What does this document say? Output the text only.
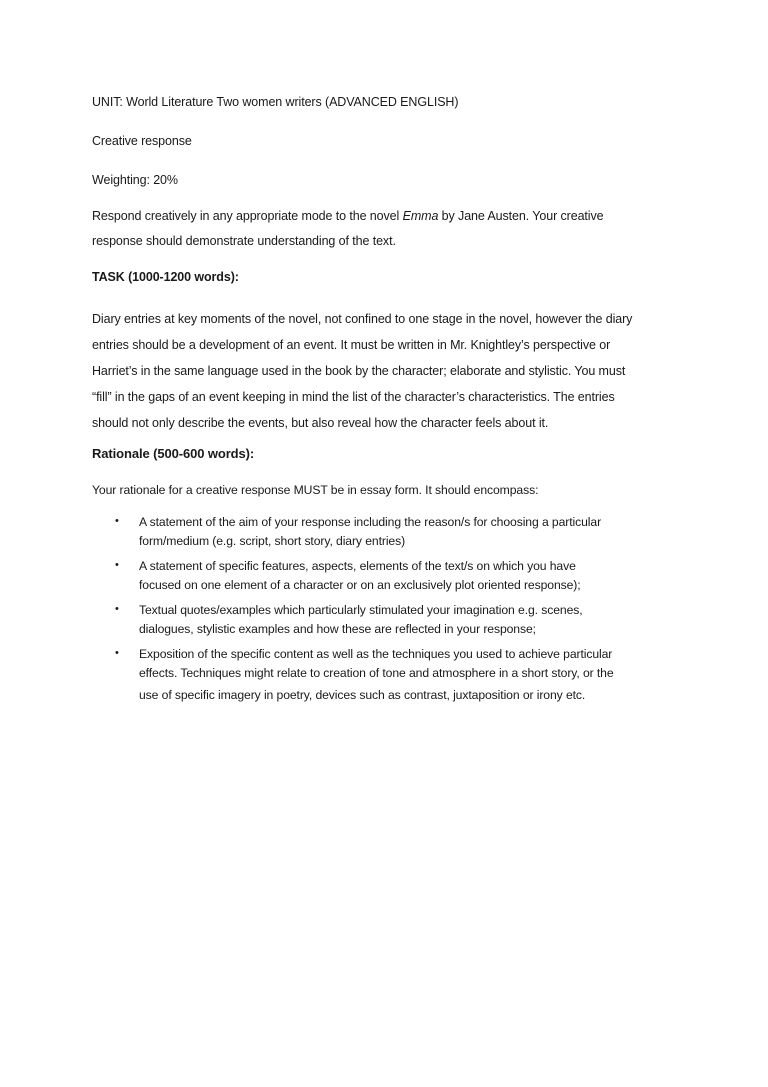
UNIT: World Literature Two women writers (ADVANCED ENGLISH)
Creative response
Weighting: 20%
Respond creatively in any appropriate mode to the novel Emma by Jane Austen. Your creative
response should demonstrate understanding of the text.
TASK (1000-1200 words):
Diary entries at key moments of the novel, not confined to one stage in the novel, however the diary
entries should be a development of an event. It must be written in Mr. Knightley’s perspective or
Harriet’s in the same language used in the book by the character; elaborate and stylistic. You must
“fill” in the gaps of an event keeping in mind the list of the character’s characteristics. The entries
should not only describe the events, but also reveal how the character feels about it.
Rationale (500-600 words):
Your rationale for a creative response MUST be in essay form. It should encompass:
• A statement of the aim of your response including the reason/s for choosing a particular
form/medium (e.g. script, short story, diary entries)
• A statement of specific features, aspects, elements of the text/s on which you have
focused on one element of a character or on an exclusively plot oriented response);
• Textual quotes/examples which particularly stimulated your imagination e.g. scenes,
dialogues, stylistic examples and how these are reflected in your response;
• Exposition of the specific content as well as the techniques you used to achieve particular
effects. Techniques might relate to creation of tone and atmosphere in a short story, or the
use of specific imagery in poetry, devices such as contrast, juxtaposition or irony etc.
